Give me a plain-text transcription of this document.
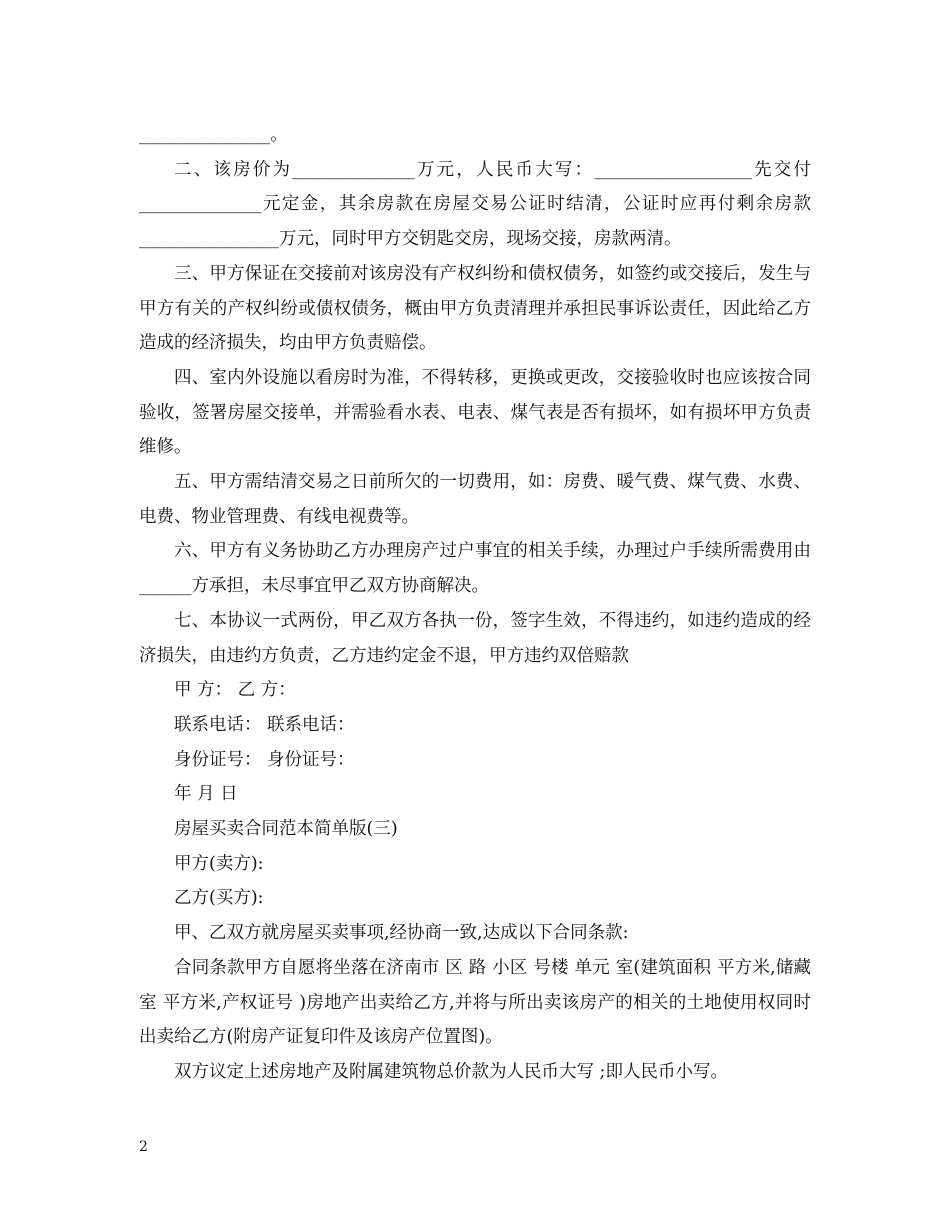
_______________。

二、该房价为______________万元，人民币大写：__________________先交付______________元定金，其余房款在房屋交易公证时结清，公证时应再付剩余房款________________万元，同时甲方交钥匙交房，现场交接，房款两清。

三、甲方保证在交接前对该房没有产权纠纷和债权债务，如签约或交接后，发生与甲方有关的产权纠纷或债权债务，概由甲方负责清理并承担民事诉讼责任，因此给乙方造成的经济损失，均由甲方负责赔偿。

四、室内外设施以看房时为准，不得转移，更换或更改，交接验收时也应该按合同验收，签署房屋交接单，并需验看水表、电表、煤气表是否有损坏，如有损坏甲方负责维修。

五、甲方需结清交易之日前所欠的一切费用，如：房费、暖气费、煤气费、水费、电费、物业管理费、有线电视费等。

六、甲方有义务协助乙方办理房产过户事宜的相关手续，办理过户手续所需费用由______方承担，未尽事宜甲乙双方协商解决。

七、本协议一式两份，甲乙双方各执一份，签字生效，不得违约，如违约造成的经济损失，由违约方负责，乙方违约定金不退，甲方违约双倍赔款

甲 方： 乙 方：

联系电话： 联系电话：

身份证号： 身份证号：

年 月 日

房屋买卖合同范本简单版(三)

甲方(卖方):

乙方(买方):

甲、乙双方就房屋买卖事项,经协商一致,达成以下合同条款:

合同条款甲方自愿将坐落在济南市 区 路 小区 号楼 单元 室(建筑面积 平方米,储藏室 平方米,产权证号 )房地产出卖给乙方,并将与所出卖该房产的相关的土地使用权同时出卖给乙方(附房产证复印件及该房产位置图)。

双方议定上述房地产及附属建筑物总价款为人民币大写 ;即人民币小写。

2
